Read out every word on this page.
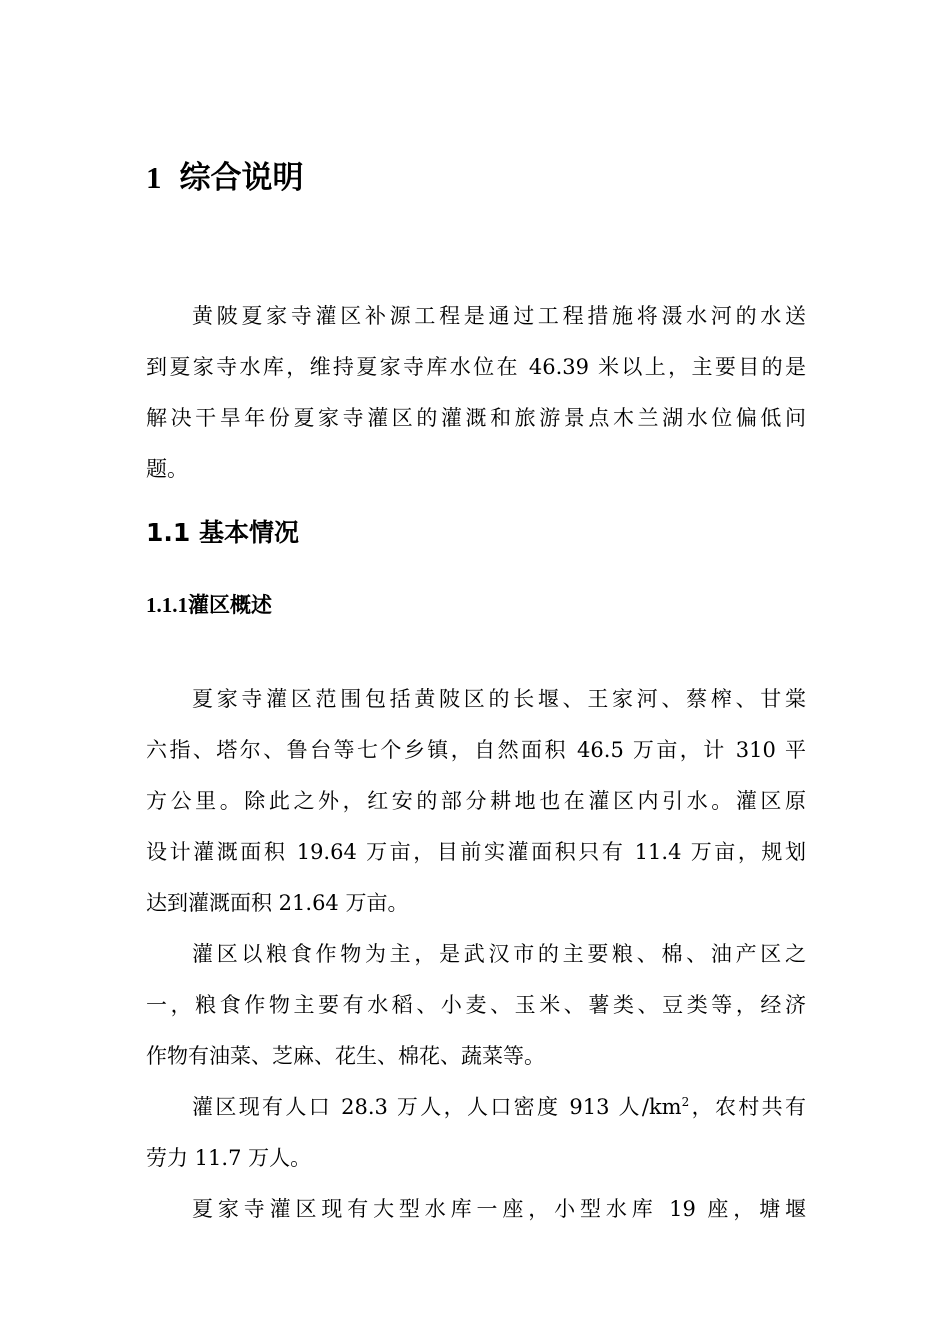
1 综合说明
黄陂夏家寺灌区补源工程是通过工程措施将滠水河的水送
到夏家寺水库，维持夏家寺库水位在 46.39 米以上，主要目的是
解决干旱年份夏家寺灌区的灌溉和旅游景点木兰湖水位偏低问
题。
1.1 基本情况
1.1.1灌区概述
夏家寺灌区范围包括黄陂区的长堰、王家河、蔡榨、甘棠
六指、塔尔、鲁台等七个乡镇，自然面积 46.5 万亩，计 310 平
方公里。除此之外，红安的部分耕地也在灌区内引水。灌区原
设计灌溉面积 19.64 万亩，目前实灌面积只有 11.4 万亩，规划
达到灌溉面积 21.64 万亩。
灌区以粮食作物为主，是武汉市的主要粮、棉、油产区之
一，粮食作物主要有水稻、小麦、玉米、薯类、豆类等，经济
作物有油菜、芝麻、花生、棉花、蔬菜等。
灌区现有人口 28.3 万人，人口密度 913 人$/km^2$，农村共有
劳力 11.7 万人。
夏家寺灌区现有大型水库一座，小型水库 19 座，塘堰
